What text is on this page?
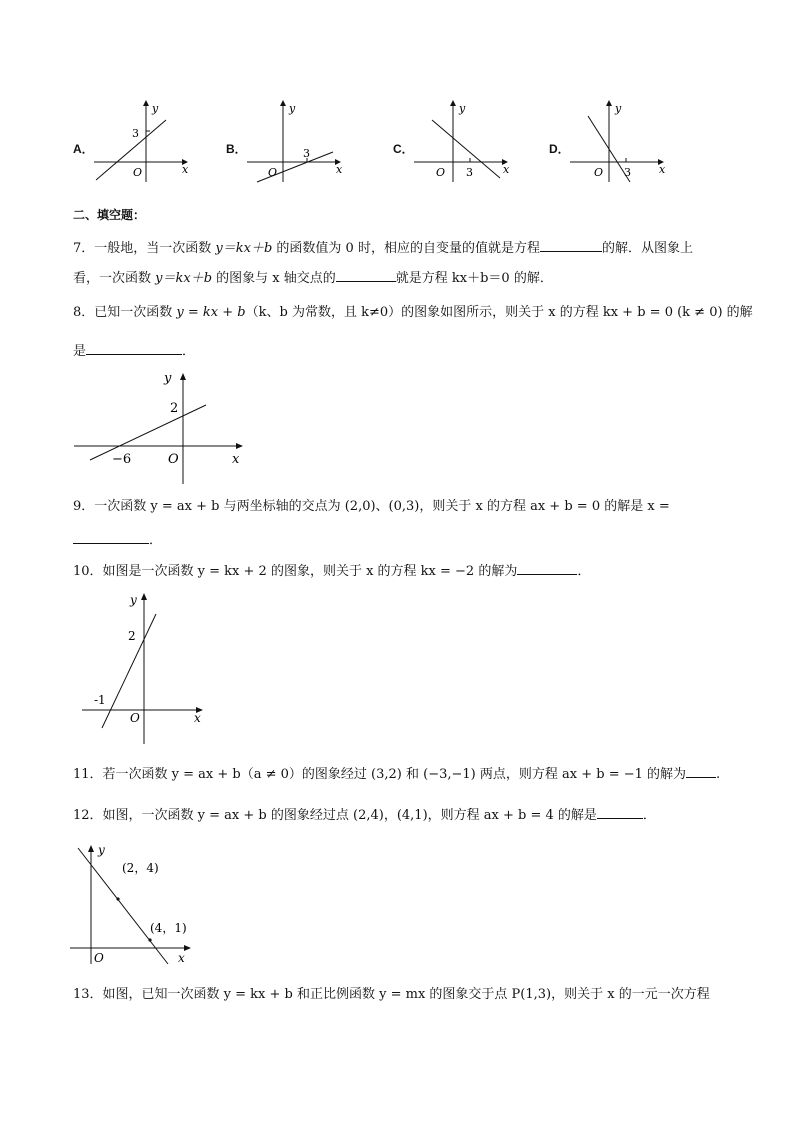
A．
y
3
O	x
B．
y
3
O	x
C．
y
3
O	x
D．
y
3
O	x
二、填空题：
7．一般地，当一次函数 y＝kx＋b 的函数值为 0 时，相应的自变量的值就是方程	的解．从图象上
看，一次函数 y＝kx＋b 的图象与 x 轴交点的	就是方程 kx＋b＝0 的解．
8．已知一次函数 y = kx + b（k、b 为常数，且 k≠0）的图象如图所示，则关于 x 的方程 kx + b = 0 (k ≠ 0) 的解
是	．
y
2
−6	O	x
9．一次函数 y = ax + b 与两坐标轴的交点为 (2,0)、(0,3)，则关于 x 的方程 ax + b = 0 的解是 x =
．
10．如图是一次函数 y = kx + 2 的图象，则关于 x 的方程 kx = −2 的解为	．
y
2
-1
O	x
11．若一次函数 y = ax + b（a ≠ 0）的图象经过 (3,2) 和 (−3,−1) 两点，则方程 ax + b = −1 的解为 .
12．如图，一次函数 y = ax + b 的图象经过点 (2,4)，(4,1)，则方程 ax + b = 4 的解是	．
y
(2，4)
(4，1)
O	x
13．如图，已知一次函数 y = kx + b 和正比例函数 y = mx 的图象交于点 P(1,3)，则关于 x 的一元一次方程
